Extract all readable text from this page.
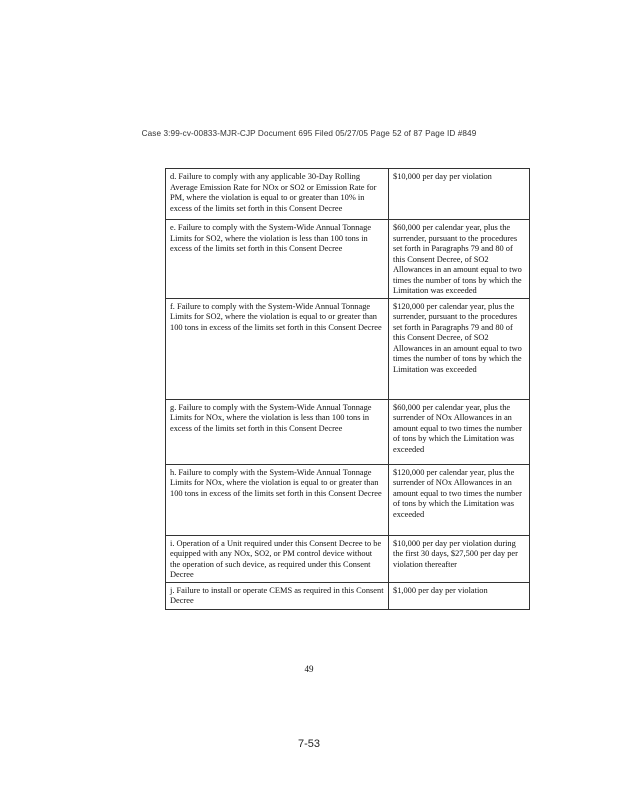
Case 3:99-cv-00833-MJR-CJP Document 695 Filed 05/27/05 Page 52 of 87 Page ID #849
d. Failure to comply with any applicable 30-Day Rolling Average Emission Rate for NOx or SO2 or Emission Rate for PM, where the violation is equal to or greater than 10% in excess of the limits set forth in this Consent Decree	$10,000 per day per violation
e. Failure to comply with the System-Wide Annual Tonnage Limits for SO2, where the violation is less than 100 tons in excess of the limits set forth in this Consent Decree	$60,000 per calendar year, plus the surrender, pursuant to the procedures set forth in Paragraphs 79 and 80 of this Consent Decree, of SO2 Allowances in an amount equal to two times the number of tons by which the Limitation was exceeded
f. Failure to comply with the System-Wide Annual Tonnage Limits for SO2, where the violation is equal to or greater than 100 tons in excess of the limits set forth in this Consent Decree	$120,000 per calendar year, plus the surrender, pursuant to the procedures set forth in Paragraphs 79 and 80 of this Consent Decree, of SO2 Allowances in an amount equal to two times the number of tons by which the Limitation was exceeded
g. Failure to comply with the System-Wide Annual Tonnage Limits for NOx, where the violation is less than 100 tons in excess of the limits set forth in this Consent Decree	$60,000 per calendar year, plus the surrender of NOx Allowances in an amount equal to two times the number of tons by which the Limitation was exceeded
h. Failure to comply with the System-Wide Annual Tonnage Limits for NOx, where the violation is equal to or greater than 100 tons in excess of the limits set forth in this Consent Decree	$120,000 per calendar year, plus the surrender of NOx Allowances in an amount equal to two times the number of tons by which the Limitation was exceeded
i. Operation of a Unit required under this Consent Decree to be equipped with any NOx, SO2, or PM control device without the operation of such device, as required under this Consent Decree	$10,000 per day per violation during the first 30 days, $27,500 per day per violation thereafter
j. Failure to install or operate CEMS as required in this Consent Decree	$1,000 per day per violation
49
7-53
